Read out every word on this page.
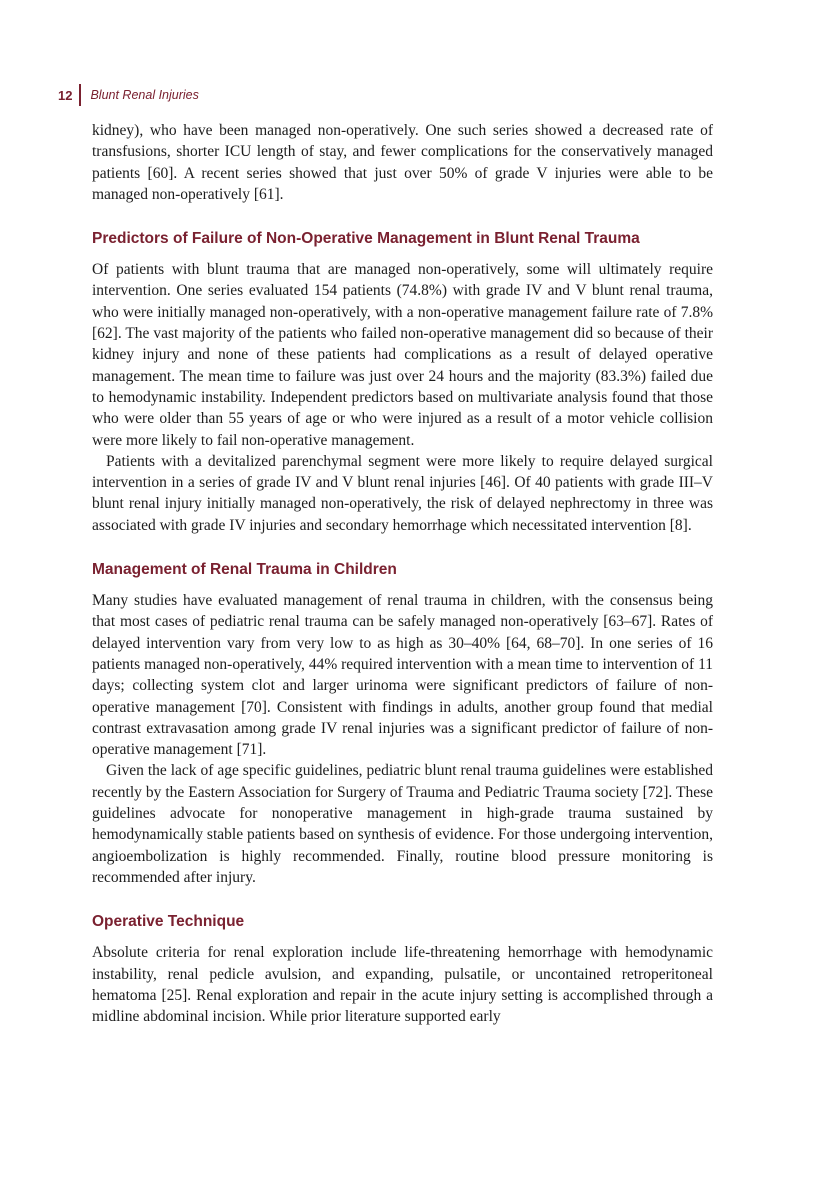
12 Blunt Renal Injuries

kidney), who have been managed non-operatively. One such series showed a decreased rate of transfusions, shorter ICU length of stay, and fewer complications for the conservatively managed patients [60]. A recent series showed that just over 50% of grade V injuries were able to be managed non-operatively [61].

Predictors of Failure of Non-Operative Management in Blunt Renal Trauma

Of patients with blunt trauma that are managed non-operatively, some will ultimately require intervention. One series evaluated 154 patients (74.8%) with grade IV and V blunt renal trauma, who were initially managed non-operatively, with a non-operative management failure rate of 7.8% [62]. The vast majority of the patients who failed non-operative management did so because of their kidney injury and none of these patients had complications as a result of delayed operative management. The mean time to failure was just over 24 hours and the majority (83.3%) failed due to hemodynamic instability. Independent predictors based on multivariate analysis found that those who were older than 55 years of age or who were injured as a result of a motor vehicle collision were more likely to fail non-operative management.

Patients with a devitalized parenchymal segment were more likely to require delayed surgical intervention in a series of grade IV and V blunt renal injuries [46]. Of 40 patients with grade III–V blunt renal injury initially managed non-operatively, the risk of delayed nephrectomy in three was associated with grade IV injuries and secondary hemorrhage which necessitated intervention [8].

Management of Renal Trauma in Children

Many studies have evaluated management of renal trauma in children, with the consensus being that most cases of pediatric renal trauma can be safely managed non-operatively [63–67]. Rates of delayed intervention vary from very low to as high as 30–40% [64, 68–70]. In one series of 16 patients managed non-operatively, 44% required intervention with a mean time to intervention of 11 days; collecting system clot and larger urinoma were significant predictors of failure of non-operative management [70]. Consistent with findings in adults, another group found that medial contrast extravasation among grade IV renal injuries was a significant predictor of failure of non-operative management [71].

Given the lack of age specific guidelines, pediatric blunt renal trauma guidelines were established recently by the Eastern Association for Surgery of Trauma and Pediatric Trauma society [72]. These guidelines advocate for nonoperative management in high-grade trauma sustained by hemodynamically stable patients based on synthesis of evidence. For those undergoing intervention, angioembolization is highly recommended. Finally, routine blood pressure monitoring is recommended after injury.

Operative Technique

Absolute criteria for renal exploration include life-threatening hemorrhage with hemodynamic instability, renal pedicle avulsion, and expanding, pulsatile, or uncontained retroperitoneal hematoma [25]. Renal exploration and repair in the acute injury setting is accomplished through a midline abdominal incision. While prior literature supported early
